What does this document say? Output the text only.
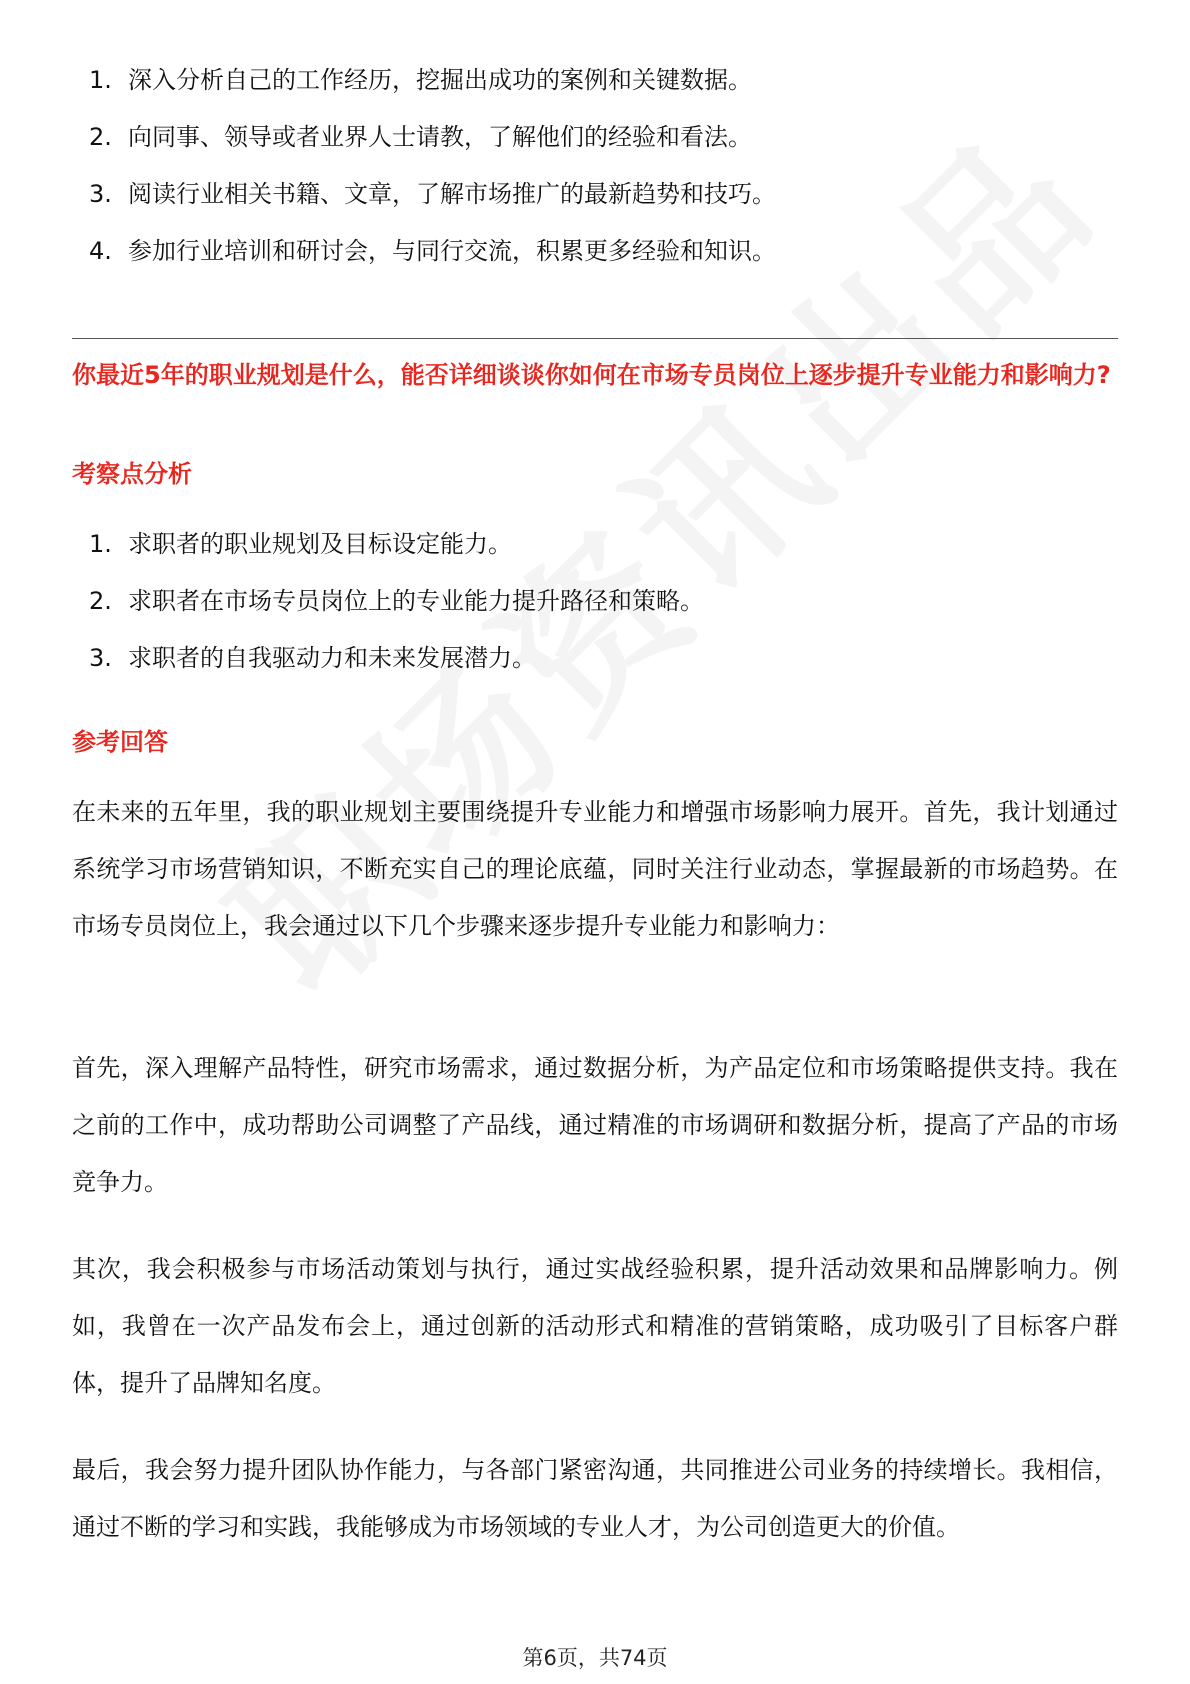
1. 深入分析自己的工作经历，挖掘出成功的案例和关键数据。
2. 向同事、领导或者业界人士请教，了解他们的经验和看法。
3. 阅读行业相关书籍、文章，了解市场推广的最新趋势和技巧。
4. 参加行业培训和研讨会，与同行交流，积累更多经验和知识。
你最近5年的职业规划是什么，能否详细谈谈你如何在市场专员岗位上逐步提升专业能力和影响力?
考察点分析
1. 求职者的职业规划及目标设定能力。
2. 求职者在市场专员岗位上的专业能力提升路径和策略。
3. 求职者的自我驱动力和未来发展潜力。
参考回答

在未来的五年里，我的职业规划主要围绕提升专业能力和增强市场影响力展开。首先，我计划通过系统学习市场营销知识，不断充实自己的理论底蕴，同时关注行业动态，掌握最新的市场趋势。在市场专员岗位上，我会通过以下几个步骤来逐步提升专业能力和影响力：

首先，深入理解产品特性，研究市场需求，通过数据分析，为产品定位和市场策略提供支持。我在之前的工作中，成功帮助公司调整了产品线，通过精准的市场调研和数据分析，提高了产品的市场竞争力。

其次，我会积极参与市场活动策划与执行，通过实战经验积累，提升活动效果和品牌影响力。例如，我曾在一次产品发布会上，通过创新的活动形式和精准的营销策略，成功吸引了目标客户群体，提升了品牌知名度。

最后，我会努力提升团队协作能力，与各部门紧密沟通，共同推进公司业务的持续增长。我相信，通过不断的学习和实践，我能够成为市场领域的专业人才，为公司创造更大的价值。

第6页，共74页
